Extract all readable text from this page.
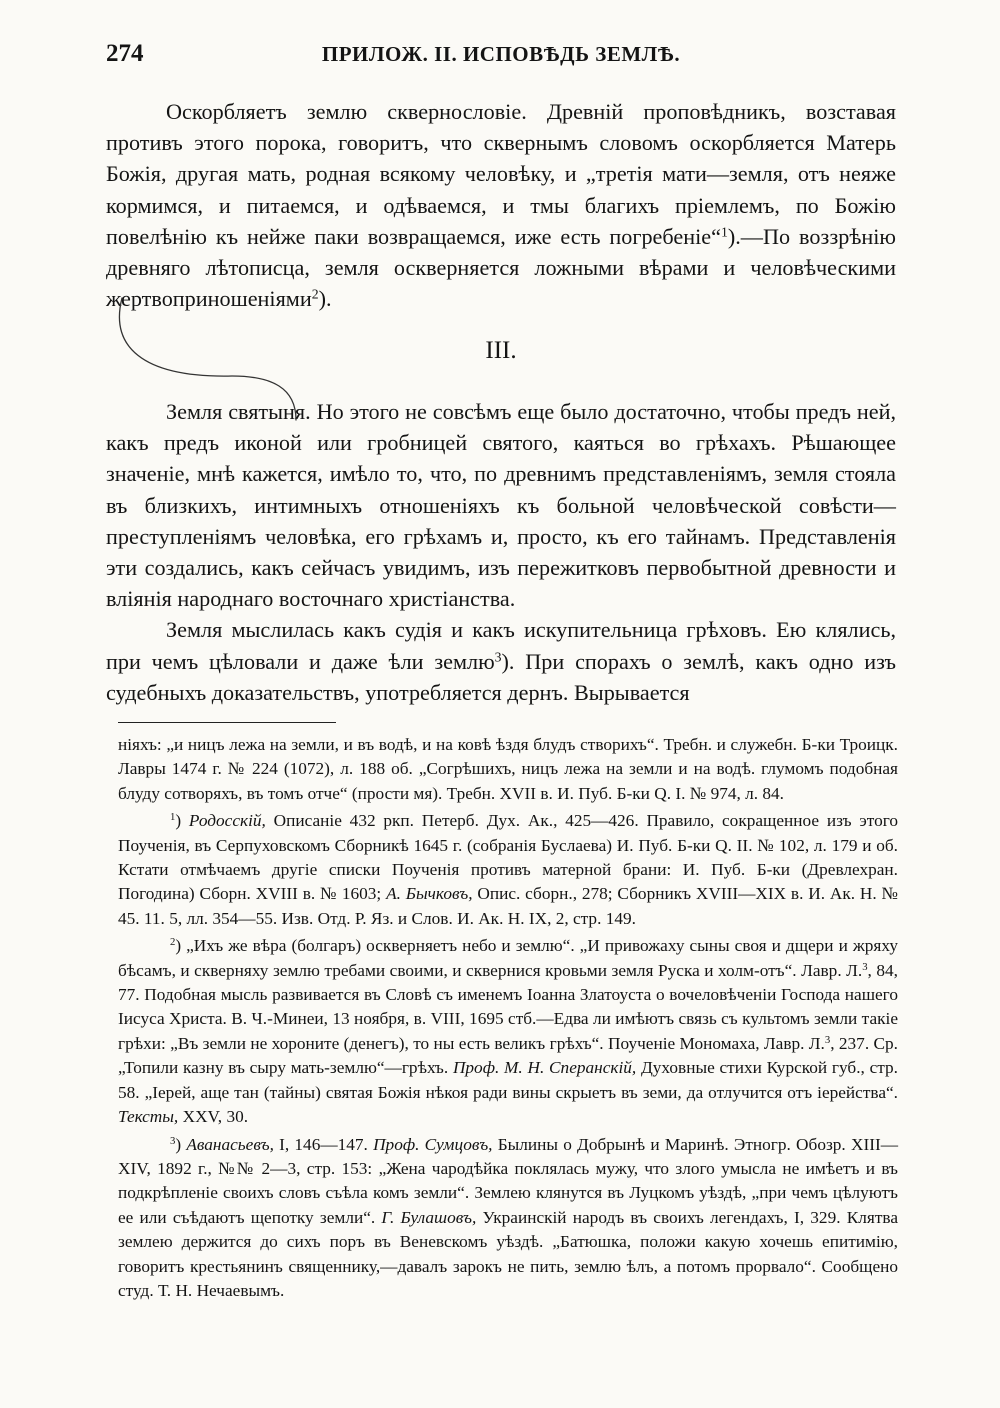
274	ПРИЛОЖ. II. ИСПОВѢДЬ ЗЕМЛѢ.

Оскорбляетъ землю сквернословіе. Древній проповѣдникъ, возставая противъ этого порока, говоритъ, что сквернымъ словомъ оскорбляется Матерь Божія, другая мать, родная всякому человѣку, и „третія мати—земля, отъ неяже кормимся, и питаемся, и одѣваемся, и тмы благихъ пріемлемъ, по Божію повелѣнію къ нейже паки возвращаемся, иже есть погребеніе“$^1$).—По воззрѣнію древняго лѣтописца, земля оскверняется ложными вѣрами и человѣческими жертвоприношеніями$^2$).

III.

Земля святыня. Но этого не совсѣмъ еще было достаточно, чтобы предъ ней, какъ предъ иконой или гробницей святого, каяться во грѣхахъ. Рѣшающее значеніе, мнѣ кажется, имѣло то, что, по древнимъ представленіямъ, земля стояла въ близкихъ, интимныхъ отношеніяхъ къ больной человѣческой совѣсти—преступленіямъ человѣка, его грѣхамъ и, просто, къ его тайнамъ. Представленія эти создались, какъ сейчасъ увидимъ, изъ пережитковъ первобытной древности и вліянія народнаго восточнаго христіанства.

Земля мыслилась какъ судія и какъ искупительница грѣховъ. Ею клялись, при чемъ цѣловали и даже ѣли землю$^3$). При спорахъ о землѣ, какъ одно изъ судебныхъ доказательствъ, употребляется дернъ. Вырывается

ніяхъ: „и ницъ лежа на земли, и въ водѣ, и на ковѣ ѣздя блудъ створихъ“. Требн. и служебн. Б-ки Троицк. Лавры 1474 г. № 224 (1072), л. 188 об. „Согрѣшихъ, ницъ лежа на земли и на водѣ. глумомъ подобная блуду сотворяхъ, въ томъ отче“ (прости мя). Требн. XVII в. И. Пуб. Б-ки Q. I. № 974, л. 84.

$^1$) Родосскій, Описаніе 432 ркп. Петерб. Дух. Ак., 425—426. Правило, сокращенное изъ этого Поученія, въ Серпуховскомъ Сборникѣ 1645 г. (собранія Буслаева) И. Пуб. Б-ки Q. II. № 102, л. 179 и об. Кстати отмѣчаемъ другіе списки Поученія противъ матерной брани: И. Пуб. Б-ки (Древлехран. Погодина) Сборн. XVIII в. № 1603; А. Бычковъ, Опис. сборн., 278; Сборникъ XVIII—XIX в. И. Ак. Н. № 45. 11. 5, лл. 354—55. Изв. Отд. Р. Яз. и Слов. И. Ак. Н. IX, 2, стр. 149.

$^2$) „Ихъ же вѣра (болгаръ) оскверняетъ небо и землю“. „И привожаху сыны своя и дщери и жряху бѣсамъ, и скверняху землю требами своими, и сквернися кровьми земля Руска и холм-отъ“. Лавр. Л.$^3$, 84, 77. Подобная мысль развивается въ Словѣ съ именемъ Іоанна Златоуста о вочеловѣченіи Господа нашего Іисуса Христа. В. Ч.-Минеи, 13 ноября, в. VIII, 1695 стб.—Едва ли имѣютъ связь съ культомъ земли такіе грѣхи: „Въ земли не хороните (денегъ), то ны есть великъ грѣхъ“. Поученіе Мономаха, Лавр. Л.$^3$, 237. Ср. „Топили казну въ сыру мать-землю“—грѣхъ. Проф. М. Н. Сперанскій, Духовные стихи Курской губ., стр. 58. „Іерей, аще тан (тайны) святая Божія нѣкоя ради вины скрыетъ въ земи, да отлучится отъ іерейства“. Тексты, XXV, 30.

$^3$) Аванасьевъ, I, 146—147. Проф. Сумцовъ, Былины о Добрынѣ и Маринѣ. Этногр. Обозр. XIII—XIV, 1892 г., №№ 2—3, стр. 153: „Жена чародѣйка поклялась мужу, что злого умысла не имѣетъ и въ подкрѣпленіе своихъ словъ съѣла комъ земли“. Землею клянутся въ Луцкомъ уѣздѣ, „при чемъ цѣлуютъ ее или съѣдаютъ щепотку земли“. Г. Булашовъ, Украинскій народъ въ своихъ легендахъ, I, 329. Клятва землею держится до сихъ поръ въ Веневскомъ уѣздѣ. „Батюшка, положи какую хочешь епитимію, говоритъ крестьянинъ священнику,—давалъ зарокъ не пить, землю ѣлъ, а потомъ прорвало“. Сообщено студ. Т. Н. Нечаевымъ.
